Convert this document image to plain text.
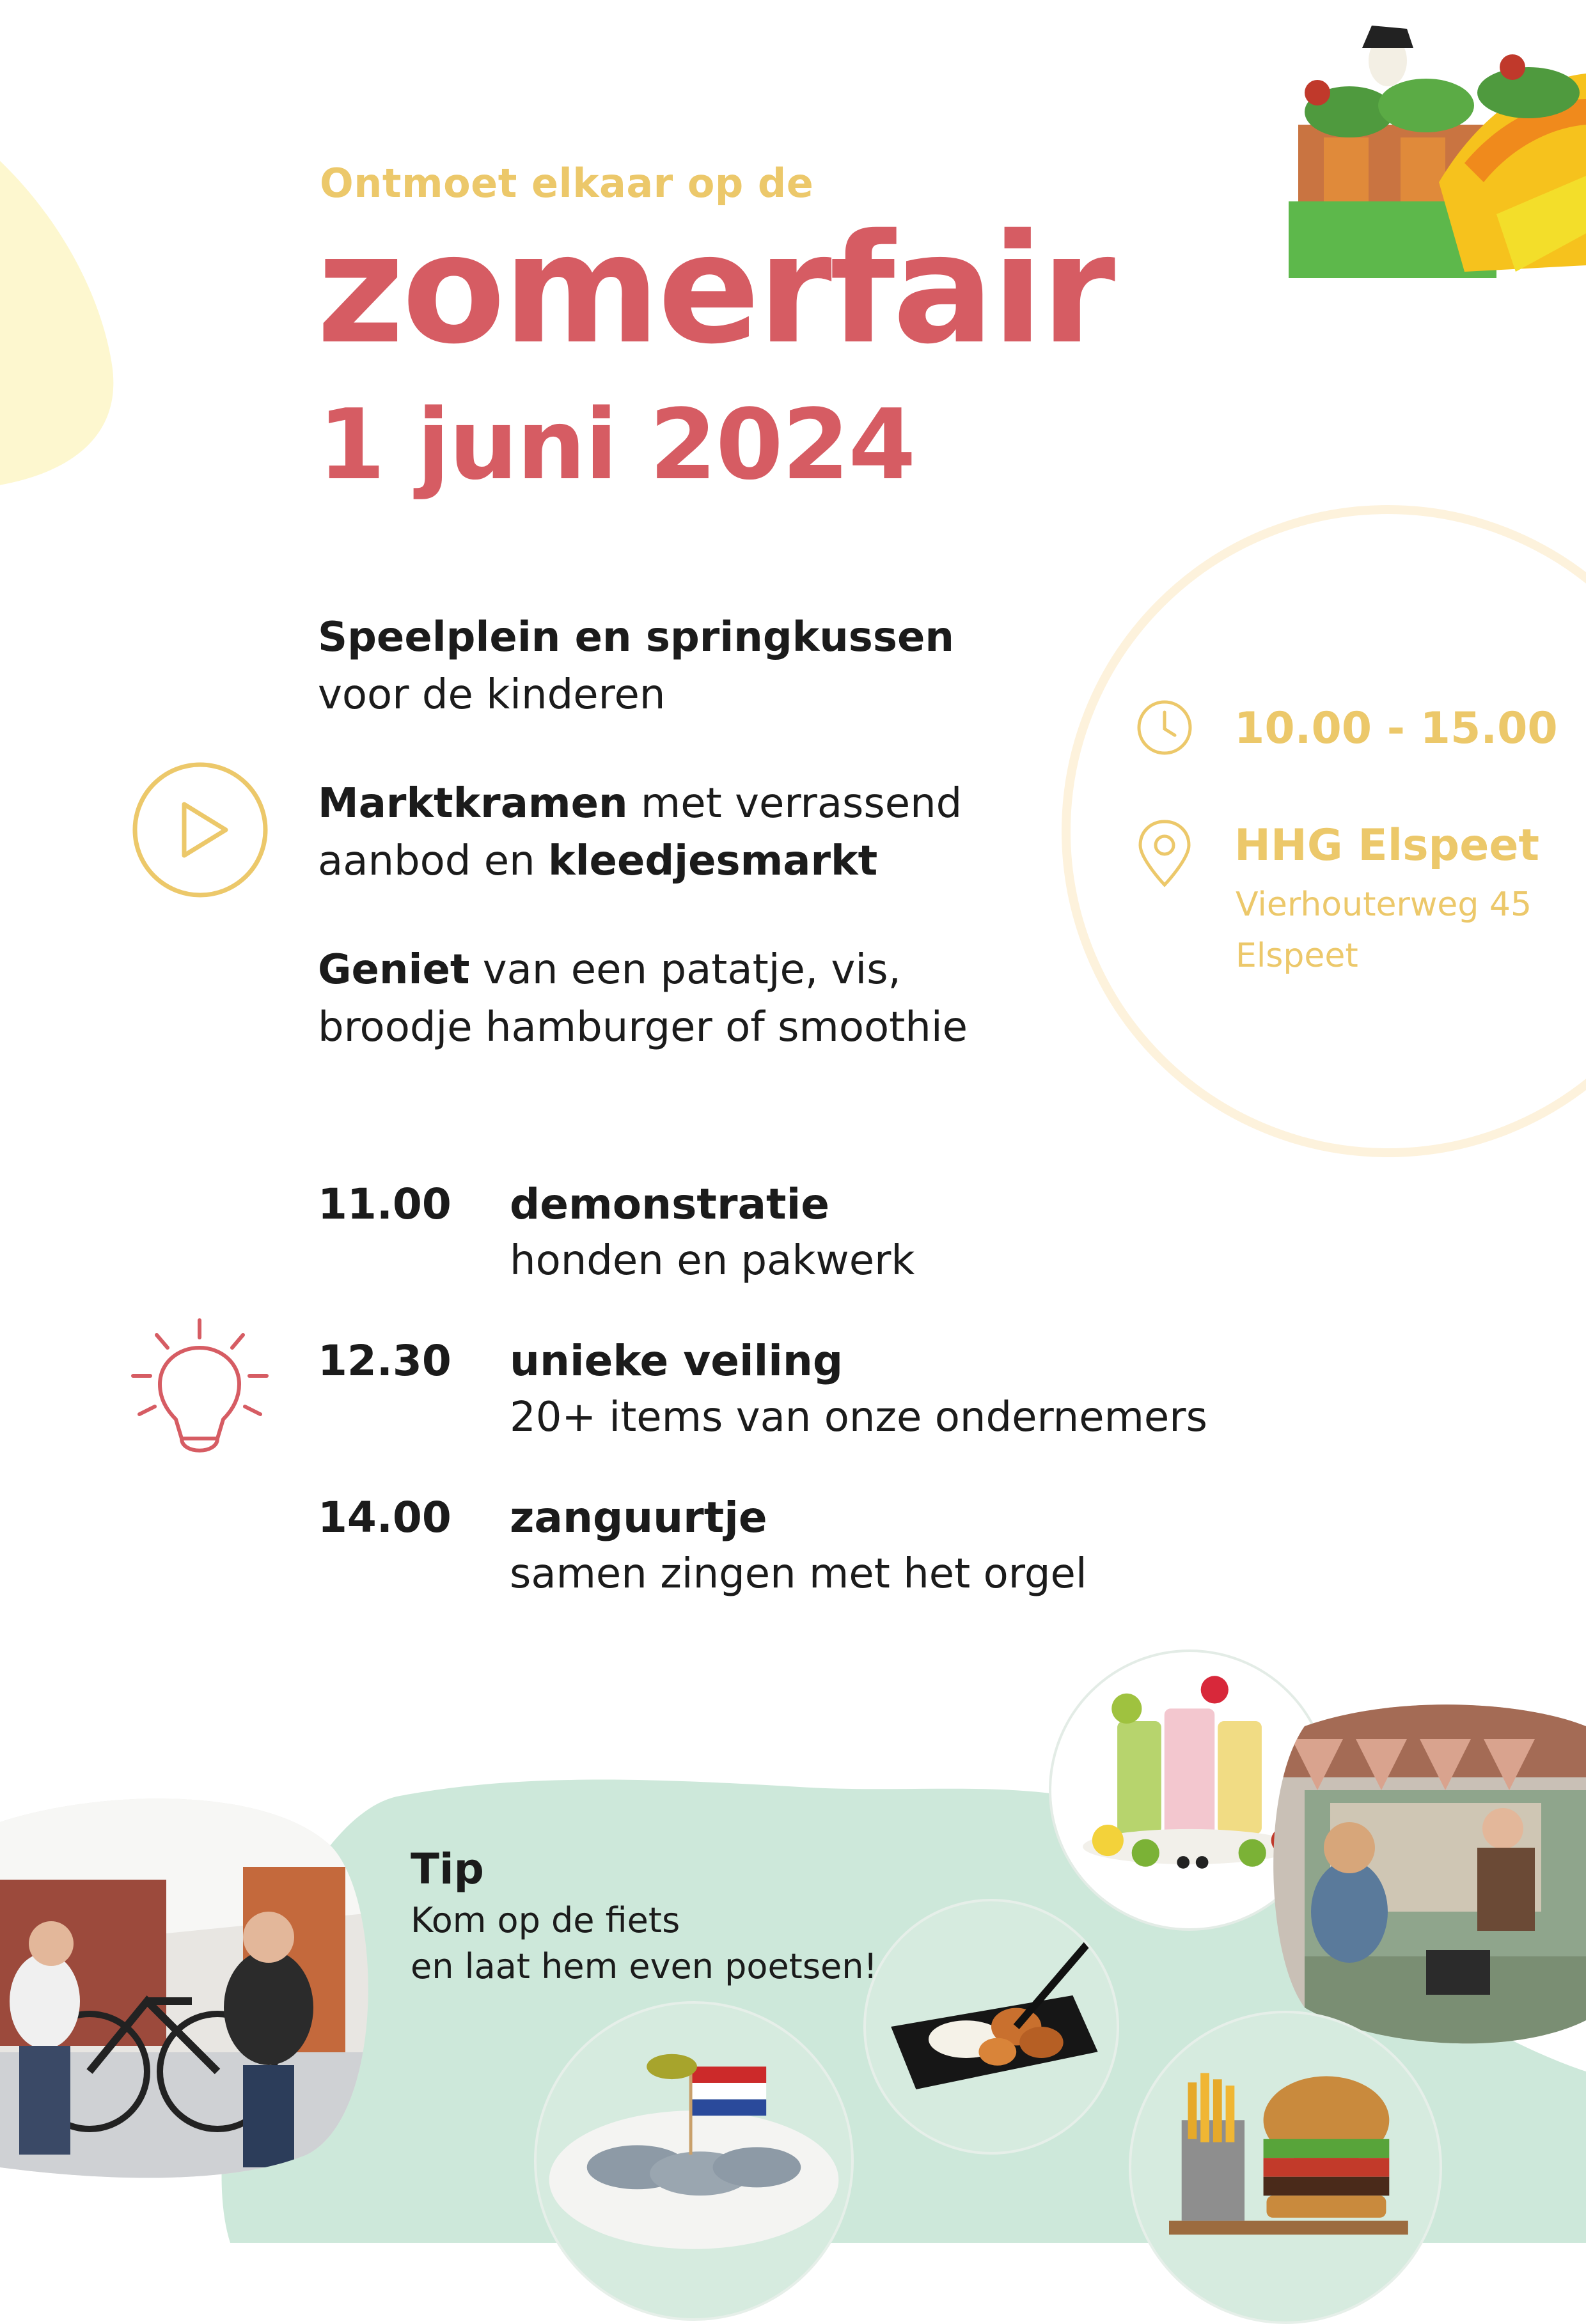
Ontmoet elkaar op de
zomerfair
1 juni 2024
Speelplein en springkussen
voor de kinderen
Marktkramen met verrassend
aanbod en kleedjesmarkt
Geniet van een patatje, vis,
broodje hamburger of smoothie
10.00 - 15.00
HHG Elspeet
Vierhouterweg 45
Elspeet
11.00 demonstratie
honden en pakwerk
12.30 unieke veiling
20+ items van onze ondernemers
14.00 zanguurtje
samen zingen met het orgel
Tip
Kom op de fiets
en laat hem even poetsen!
